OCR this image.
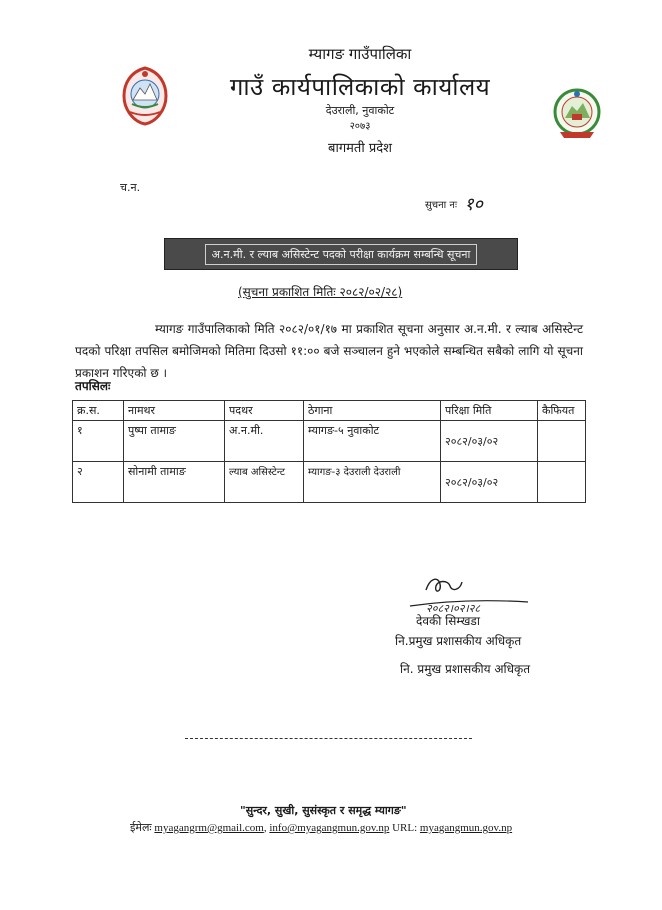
म्यागङ गाउँपालिका
गाउँ कार्यपालिकाको कार्यालय
देउराली, नुवाकोट
२०७३
बागमती प्रदेश
च.न.
सुचना नः १०
अ.न.मी. र ल्याब असिस्टेन्ट पदको परीक्षा कार्यक्रम सम्बन्धि सूचना
(सुचना प्रकाशित मितिः २०८२/०२/२८)
म्यागङ गाउँपालिकाको मिति २०८२/०१/१७ मा प्रकाशित सूचना अनुसार अ.न.मी. र ल्याब असिस्टेन्ट पदको परिक्षा तपसिल बमोजिमको मितिमा दिउसो ११:०० बजे सञ्चालन हुने भएकोले सम्बन्धित सबैको लागि यो सूचना प्रकाशन गरिएको छ ।
तपसिलः
क्र.स.	नामथर	पदथर	ठेगाना	परिक्षा मिति	कैफियत
१	पुष्पा तामाङ	अ.न.मी.	म्यागङ-५ नुवाकोट	२०८२/०३/०२	
२	सोनामी तामाङ	ल्याब असिस्टेन्ट	म्यागङ-३ देउराली देउराली	२०८२/०३/०२	
२०८२।०२।२८
देवकी सिम्खडा
नि.प्रमुख प्रशासकीय अधिकृत
नि. प्रमुख प्रशासकीय अधिकृत
"सुन्दर, सुखी, सुसंस्कृत र समृद्ध म्यागङ"
ईमेलः myagangrm@gmail.com, info@myagangmun.gov.np URL: myagangmun.gov.np
